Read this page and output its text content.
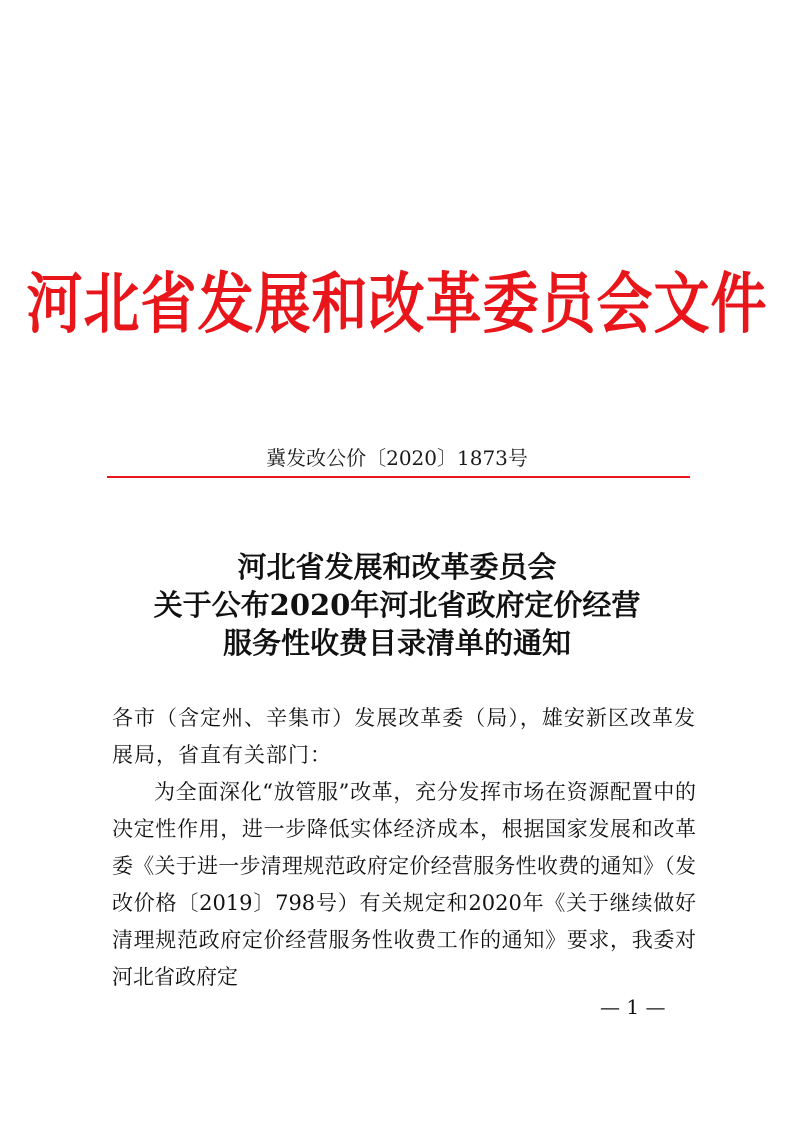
河北省发展和改革委员会文件
冀发改公价〔2020〕1873号
河北省发展和改革委员会
关于公布2020年河北省政府定价经营
服务性收费目录清单的通知

各市（含定州、辛集市）发展改革委（局），雄安新区改革发展局，省直有关部门：

为全面深化“放管服”改革，充分发挥市场在资源配置中的决定性作用，进一步降低实体经济成本，根据国家发展和改革委《关于进一步清理规范政府定价经营服务性收费的通知》（发改价格〔2019〕798号）有关规定和2020年《关于继续做好清理规范政府定价经营服务性收费工作的通知》要求，我委对河北省政府定

— 1 —
